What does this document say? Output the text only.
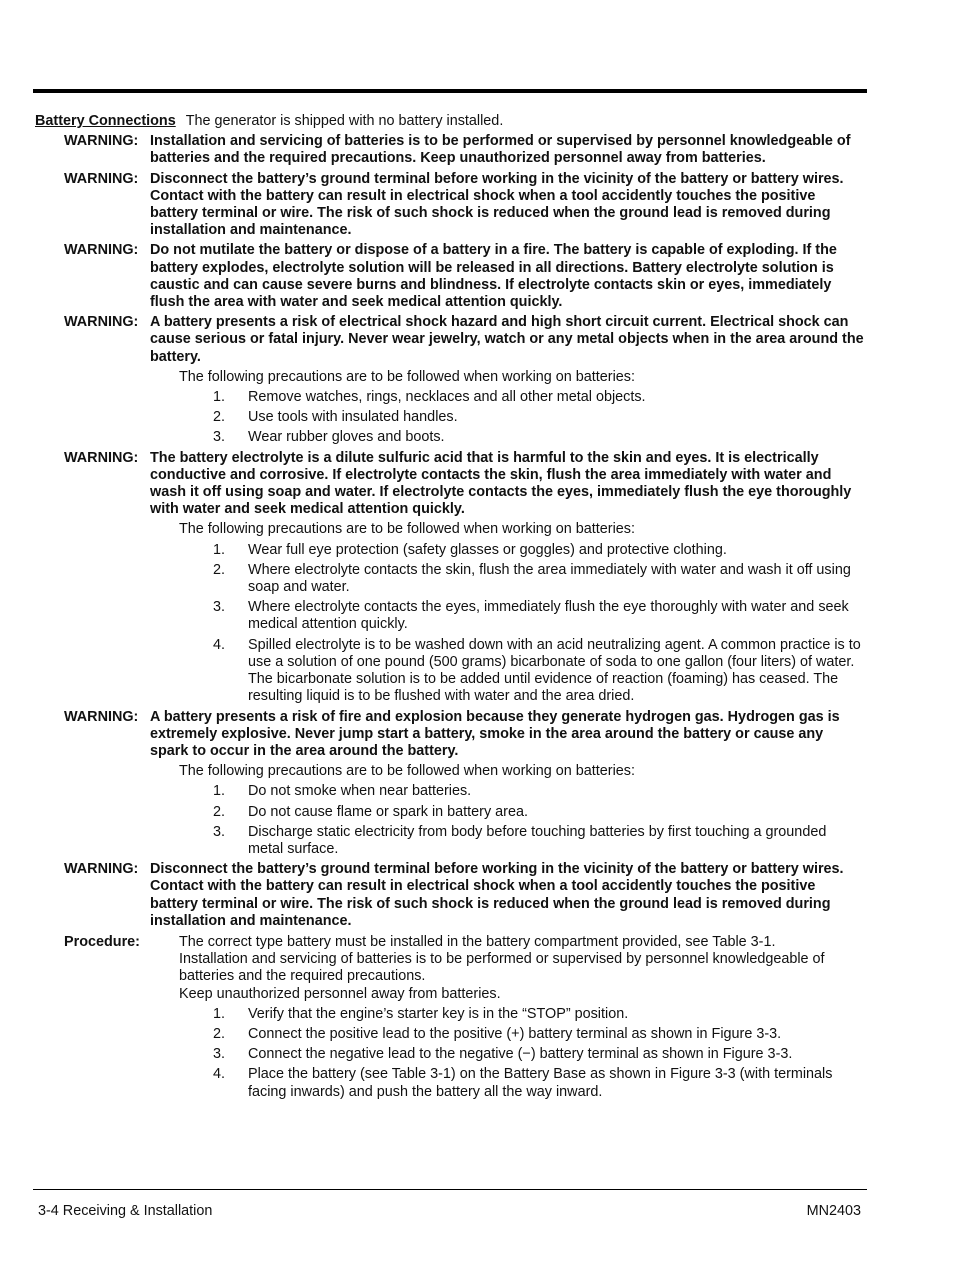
Battery Connections The generator is shipped with no battery installed.

WARNING: Installation and servicing of batteries is to be performed or supervised by personnel knowledgeable of batteries and the required precautions. Keep unauthorized personnel away from batteries.
WARNING: Disconnect the battery’s ground terminal before working in the vicinity of the battery or battery wires. Contact with the battery can result in electrical shock when a tool accidently touches the positive battery terminal or wire. The risk of such shock is reduced when the ground lead is removed during installation and maintenance.
WARNING: Do not mutilate the battery or dispose of a battery in a fire. The battery is capable of exploding. If the battery explodes, electrolyte solution will be released in all directions. Battery electrolyte solution is caustic and can cause severe burns and blindness. If electrolyte contacts skin or eyes, immediately flush the area with water and seek medical attention quickly.
WARNING: A battery presents a risk of electrical shock hazard and high short circuit current. Electrical shock can cause serious or fatal injury. Never wear jewelry, watch or any metal objects when in the area around the battery.

The following precautions are to be followed when working on batteries:

1. Remove watches, rings, necklaces and all other metal objects.
2. Use tools with insulated handles.
3. Wear rubber gloves and boots.
WARNING: The battery electrolyte is a dilute sulfuric acid that is harmful to the skin and eyes. It is electrically conductive and corrosive. If electrolyte contacts the skin, flush the area immediately with water and wash it off using soap and water. If electrolyte contacts the eyes, immediately flush the eye thoroughly with water and seek medical attention quickly.

The following precautions are to be followed when working on batteries:

1. Wear full eye protection (safety glasses or goggles) and protective clothing.
2. Where electrolyte contacts the skin, flush the area immediately with water and wash it off using soap and water.
3. Where electrolyte contacts the eyes, immediately flush the eye thoroughly with water and seek medical attention quickly.
4. Spilled electrolyte is to be washed down with an acid neutralizing agent. A common practice is to use a solution of one pound (500 grams) bicarbonate of soda to one gallon (four liters) of water. The bicarbonate solution is to be added until evidence of reaction (foaming) has ceased. The resulting liquid is to be flushed with water and the area dried.
WARNING: A battery presents a risk of fire and explosion because they generate hydrogen gas. Hydrogen gas is extremely explosive. Never jump start a battery, smoke in the area around the battery or cause any spark to occur in the area around the battery.

The following precautions are to be followed when working on batteries:

1. Do not smoke when near batteries.
2. Do not cause flame or spark in battery area.
3. Discharge static electricity from body before touching batteries by first touching a grounded metal surface.
WARNING: Disconnect the battery’s ground terminal before working in the vicinity of the battery or battery wires. Contact with the battery can result in electrical shock when a tool accidently touches the positive battery terminal or wire. The risk of such shock is reduced when the ground lead is removed during installation and maintenance.
Procedure:	The correct type battery must be installed in the battery compartment provided, see Table 3-1.
Installation and servicing of batteries is to be performed or supervised by personnel knowledgeable of batteries and the required precautions.
Keep unauthorized personnel away from batteries.
1. Verify that the engine’s starter key is in the “STOP” position.
2. Connect the positive lead to the positive (+) battery terminal as shown in Figure 3-3.
3. Connect the negative lead to the negative (−) battery terminal as shown in Figure 3-3.
4. Place the battery (see Table 3-1) on the Battery Base as shown in Figure 3-3 (with terminals facing inwards) and push the battery all the way inward.
3-4 Receiving & Installation	MN2403
